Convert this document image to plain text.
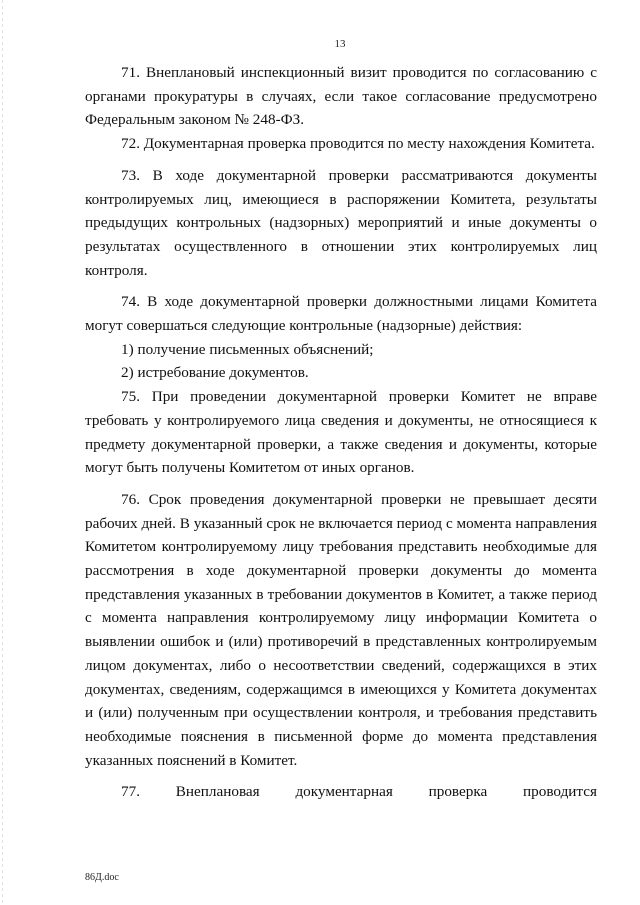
13

71. Внеплановый инспекционный визит проводится по согласованию с органами прокуратуры в случаях, если такое согласование предусмотрено Федеральным законом № 248-ФЗ.

72. Документарная проверка проводится по месту нахождения Комитета.

73. В ходе документарной проверки рассматриваются документы контролируемых лиц, имеющиеся в распоряжении Комитета, результаты предыдущих контрольных (надзорных) мероприятий и иные документы о результатах осуществленного в отношении этих контролируемых лиц контроля.

74. В ходе документарной проверки должностными лицами Комитета могут совершаться следующие контрольные (надзорные) действия:

1) получение письменных объяснений;

2) истребование документов.

75. При проведении документарной проверки Комитет не вправе требовать у контролируемого лица сведения и документы, не относящиеся к предмету документарной проверки, а также сведения и документы, которые могут быть получены Комитетом от иных органов.

76. Срок проведения документарной проверки не превышает десяти рабочих дней. В указанный срок не включается период с момента направления Комитетом контролируемому лицу требования представить необходимые для рассмотрения в ходе документарной проверки документы до момента представления указанных в требовании документов в Комитет, а также период с момента направления контролируемому лицу информации Комитета о выявлении ошибок и (или) противоречий в представленных контролируемым лицом документах, либо о несоответствии сведений, содержащихся в этих документах, сведениям, содержащимся в имеющихся у Комитета документах и (или) полученным при осуществлении контроля, и требования представить необходимые пояснения в письменной форме до момента представления указанных пояснений в Комитет.

77. Внеплановая документарная проверка проводится

86Д.doc
